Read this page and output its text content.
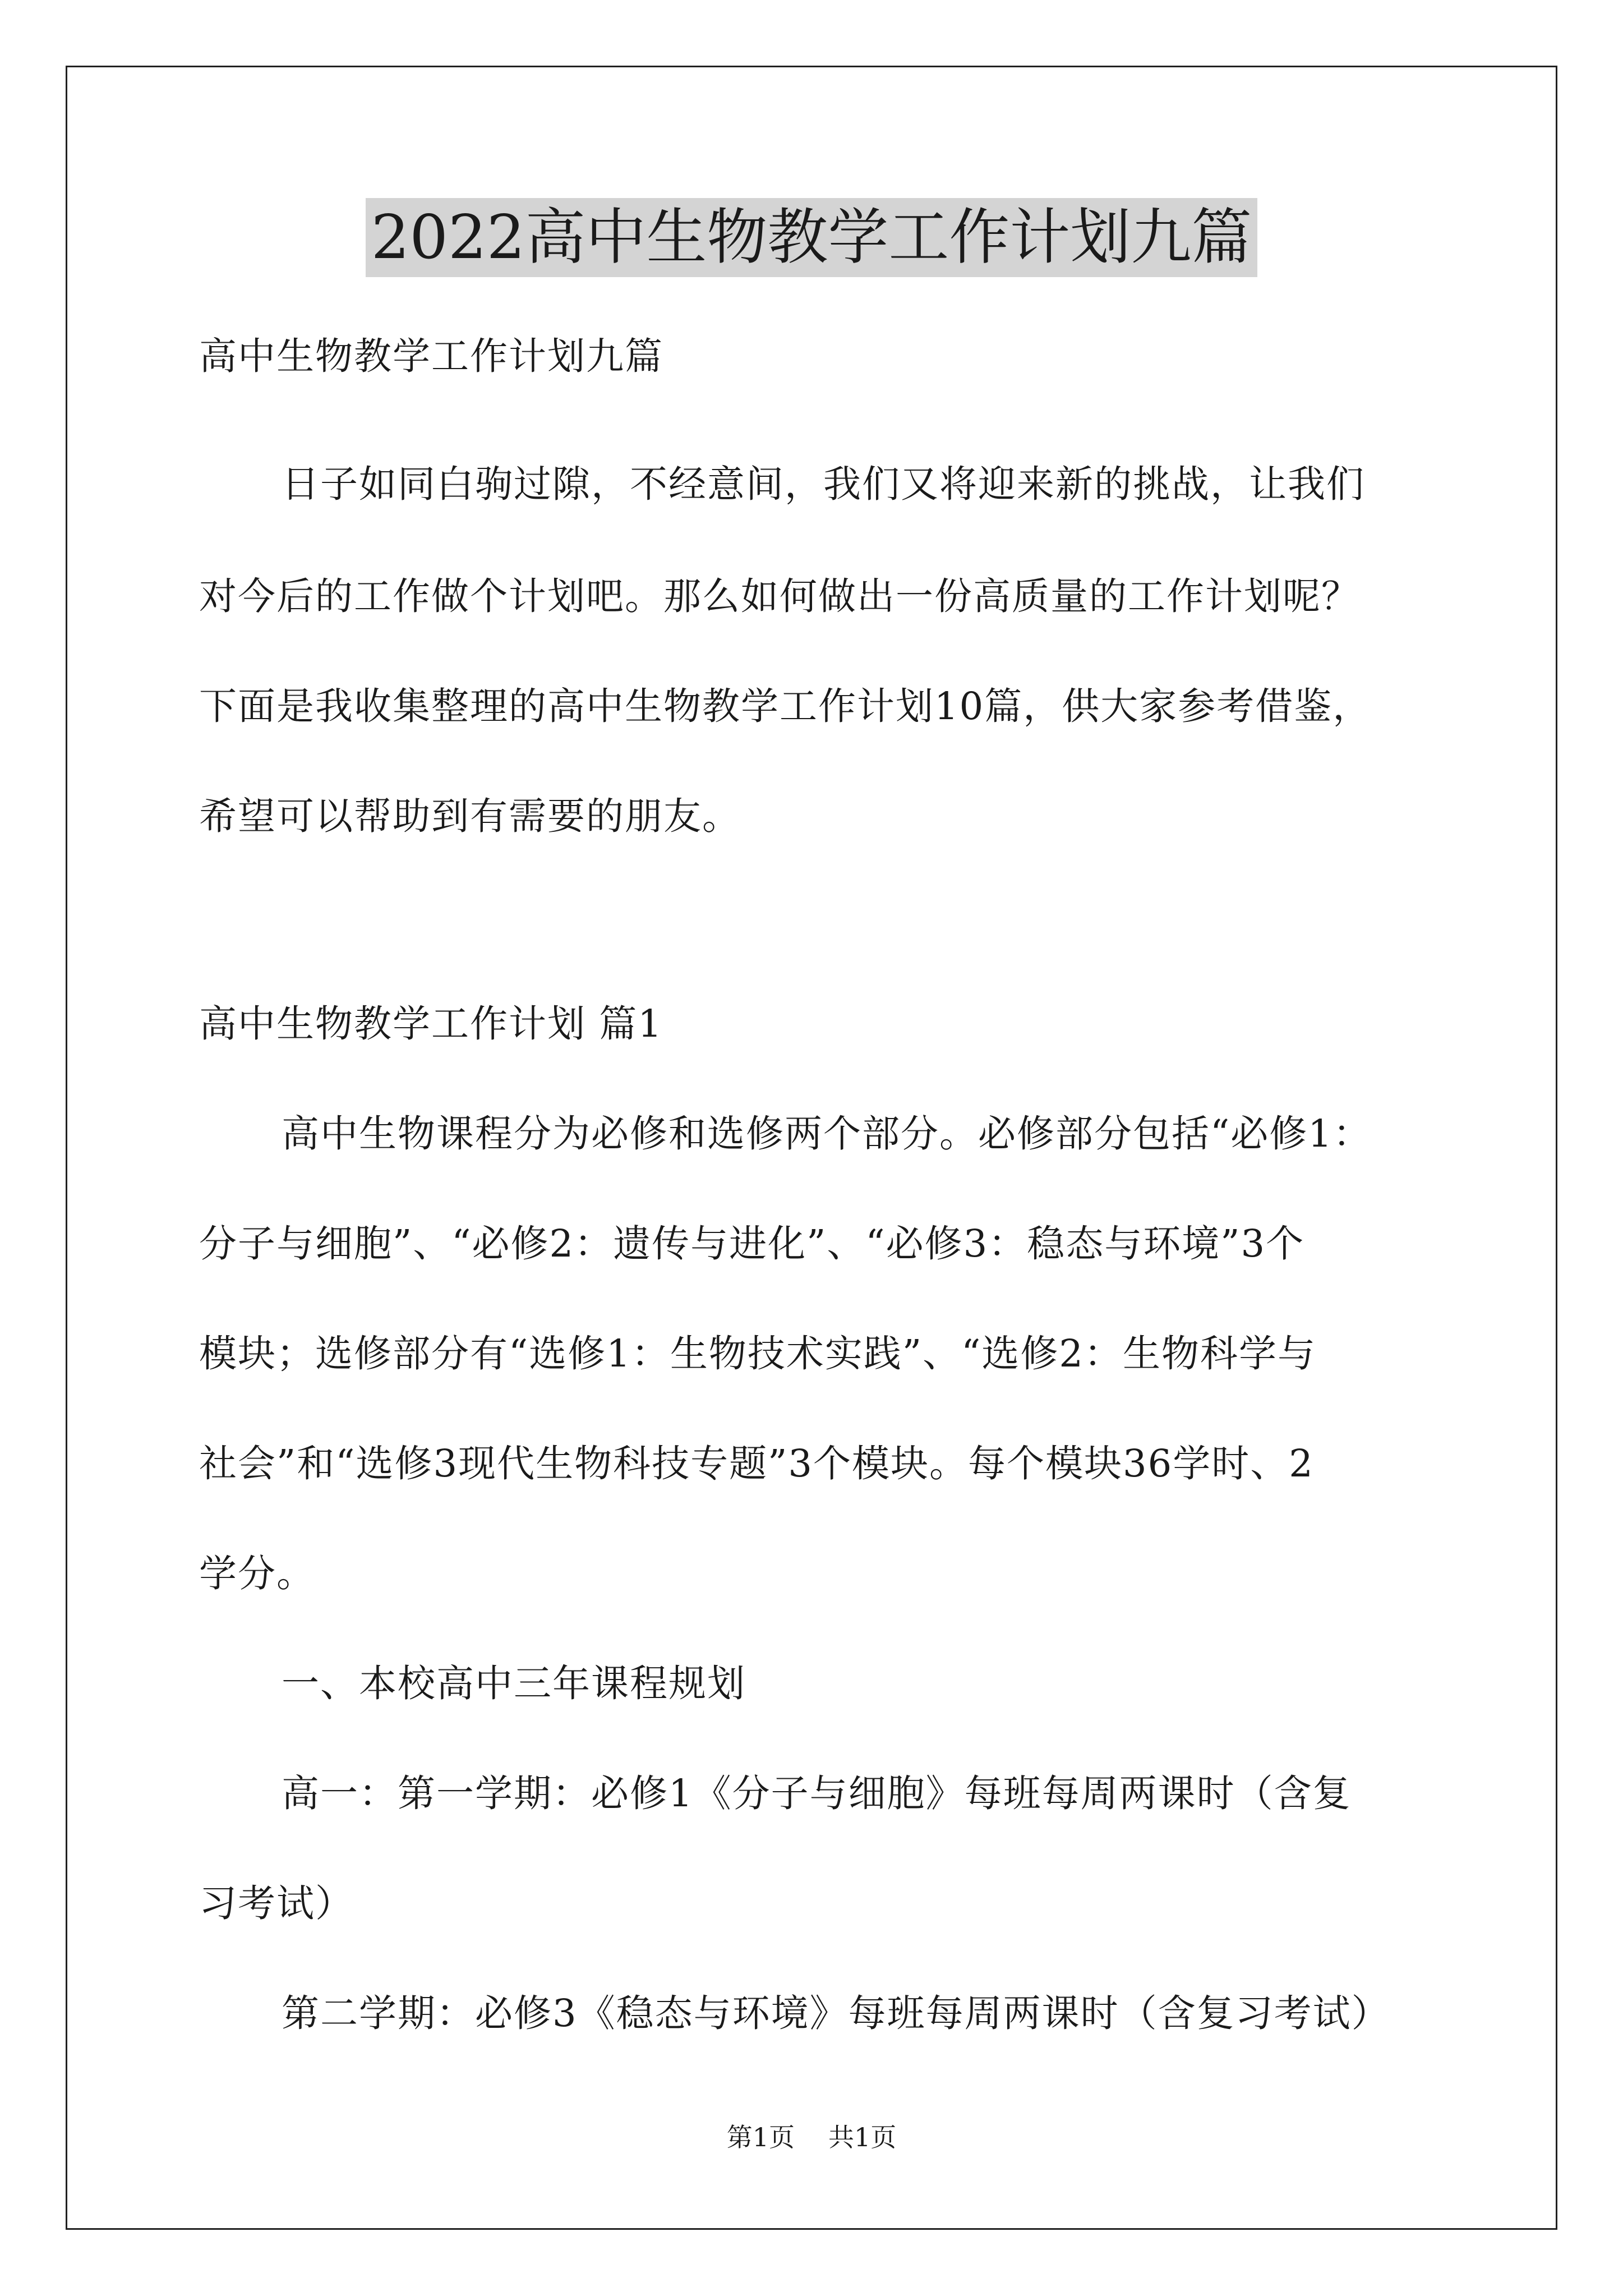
2022高中生物教学工作计划九篇

高中生物教学工作计划九篇

日子如同白驹过隙，不经意间，我们又将迎来新的挑战，让我们

对今后的工作做个计划吧。那么如何做出一份高质量的工作计划呢？

下面是我收集整理的高中生物教学工作计划10篇，供大家参考借鉴，

希望可以帮助到有需要的朋友。

高中生物教学工作计划 篇1

高中生物课程分为必修和选修两个部分。必修部分包括“必修1：

分子与细胞”、“必修2：遗传与进化”、“必修3：稳态与环境”3个

模块；选修部分有“选修1：生物技术实践”、“选修2：生物科学与

社会”和“选修3现代生物科技专题”3个模块。每个模块36学时、2

学分。

一、本校高中三年课程规划

高一：第一学期：必修1《分子与细胞》每班每周两课时（含复

习考试）

第二学期：必修3《稳态与环境》每班每周两课时（含复习考试）

第1页 共1页
